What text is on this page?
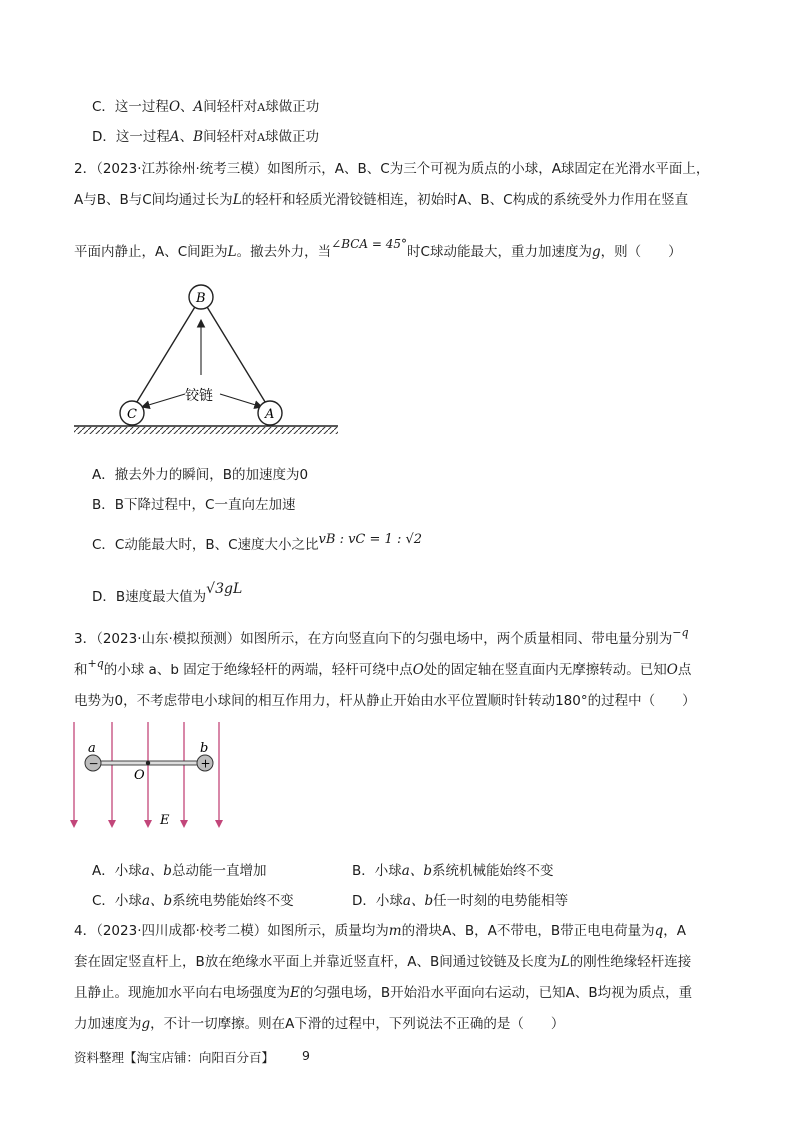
C．这一过程O、A间轻杆对A球做正功
D．这一过程A、B间轻杆对A球做正功
2．（2023·江苏徐州·统考三模）如图所示，A、B、C为三个可视为质点的小球，A球固定在光滑水平面上，
A与B、B与C间均通过长为L的轻杆和轻质光滑铰链相连，初始时A、B、C构成的系统受外力作用在竖直
平面内静止，A、C间距为L。撤去外力，当∠BCA = 45°时C球动能最大，重力加速度为g，则（　　）
铰链
B
C	A
A．撤去外力的瞬间，B的加速度为0
B．B下降过程中，C一直向左加速
C．C动能最大时，B、C速度大小之比vB : vC = 1 : √2
D．B速度最大值为√3gL
3．（2023·山东·模拟预测）如图所示，在方向竖直向下的匀强电场中，两个质量相同、带电量分别为$^{-q}$
和$^{+q}$的小球 a、b 固定于绝缘轻杆的两端，轻杆可绕中点O处的固定轴在竖直面内无摩擦转动。已知O点
电势为0，不考虑带电小球间的相互作用力，杆从静止开始由水平位置顺时针转动180°的过程中（　　）
−	+
a	b
O
E
A．小球a、b总动能一直增加	B．小球a、b系统机械能始终不变
C．小球a、b系统电势能始终不变	D．小球a、b任一时刻的电势能相等
4．（2023·四川成都·校考二模）如图所示，质量均为m的滑块A、B，A不带电，B带正电电荷量为q，A
套在固定竖直杆上，B放在绝缘水平面上并靠近竖直杆，A、B间通过铰链及长度为L的刚性绝缘轻杆连接
且静止。现施加水平向右电场强度为E的匀强电场，B开始沿水平面向右运动，已知A、B均视为质点，重
力加速度为g，不计一切摩擦。则在A下滑的过程中，下列说法不正确的是（　　）
资料整理【淘宝店铺：向阳百分百】 9
